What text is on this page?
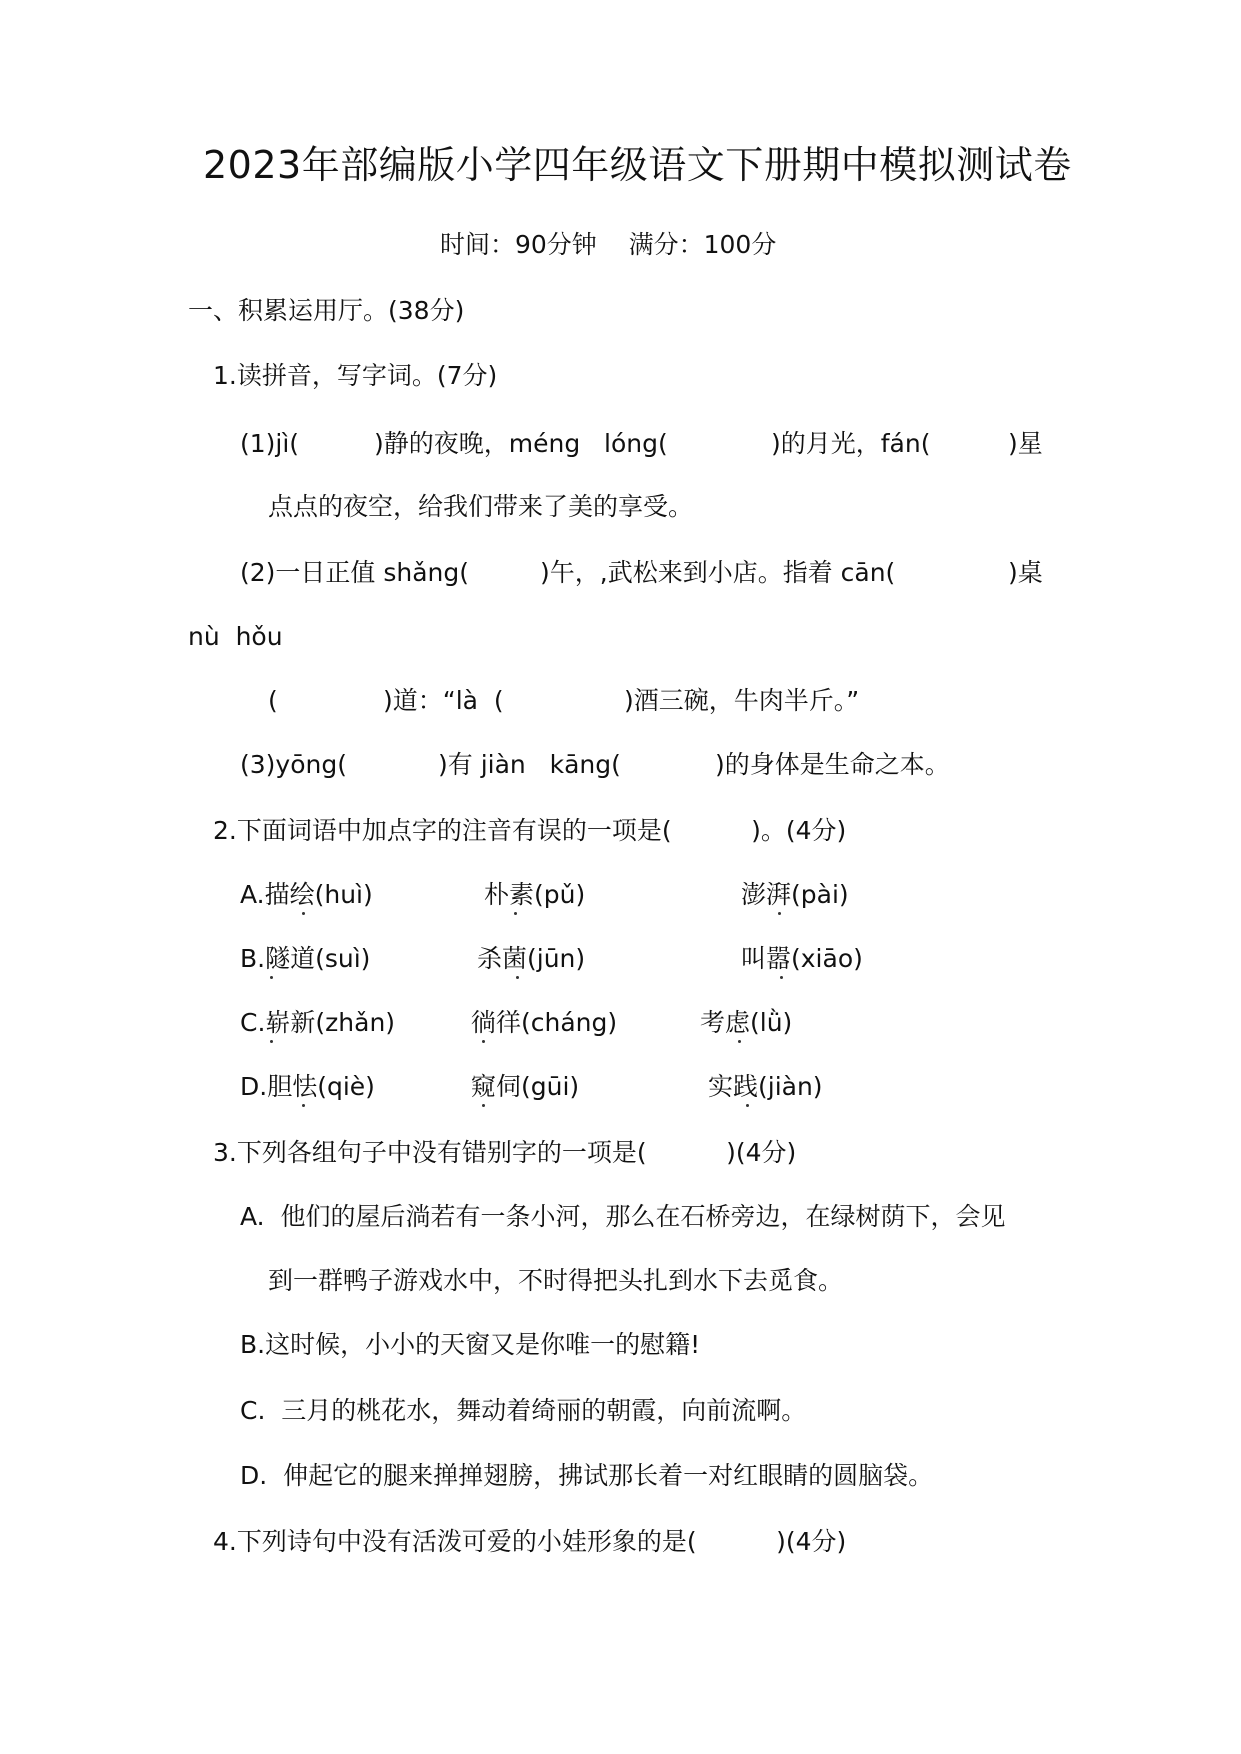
2023年部编版小学四年级语文下册期中模拟测试卷
时间：90分钟    满分：100分
一、积累运用厅。(38分)
1.读拼音，写字词。(7分)
(1)jì(	)静的夜晚，méng   lóng(	)的月光，fán(	)星
点点的夜空，给我们带来了美的享受。
(2)一日正值 shǎng(	)午，,武松来到小店。指着 cān(	)桌
nù  hǒu
(	)道：“là  (	)酒三碗，牛肉半斤。”
(3)yōng(	)有 jiàn   kāng(	)的身体是生命之本。
2.下面词语中加点字的注音有误的一项是(          )。(4分)
A.描绘(huì)	朴素(pǔ)	澎湃(pài)
B.隧道(suì)	杀菌(jūn)	叫嚣(xiāo)
C.崭新(zhǎn)	徜徉(cháng)	考虑(lǜ)
D.胆怯(qiè)	窥伺(gūi)	实践(jiàn)
3.下列各组句子中没有错别字的一项是(          )(4分)
A.  他们的屋后淌若有一条小河，那么在石桥旁边，在绿树荫下，会见
到一群鸭子游戏水中，不时得把头扎到水下去觅食。
B.这时候，小小的天窗又是你唯一的慰籍!
C.  三月的桃花水，舞动着绮丽的朝霞，向前流啊。
D.  伸起它的腿来掸掸翅膀，拂试那长着一对红眼睛的圆脑袋。
4.下列诗句中没有活泼可爱的小娃形象的是(          )(4分)
